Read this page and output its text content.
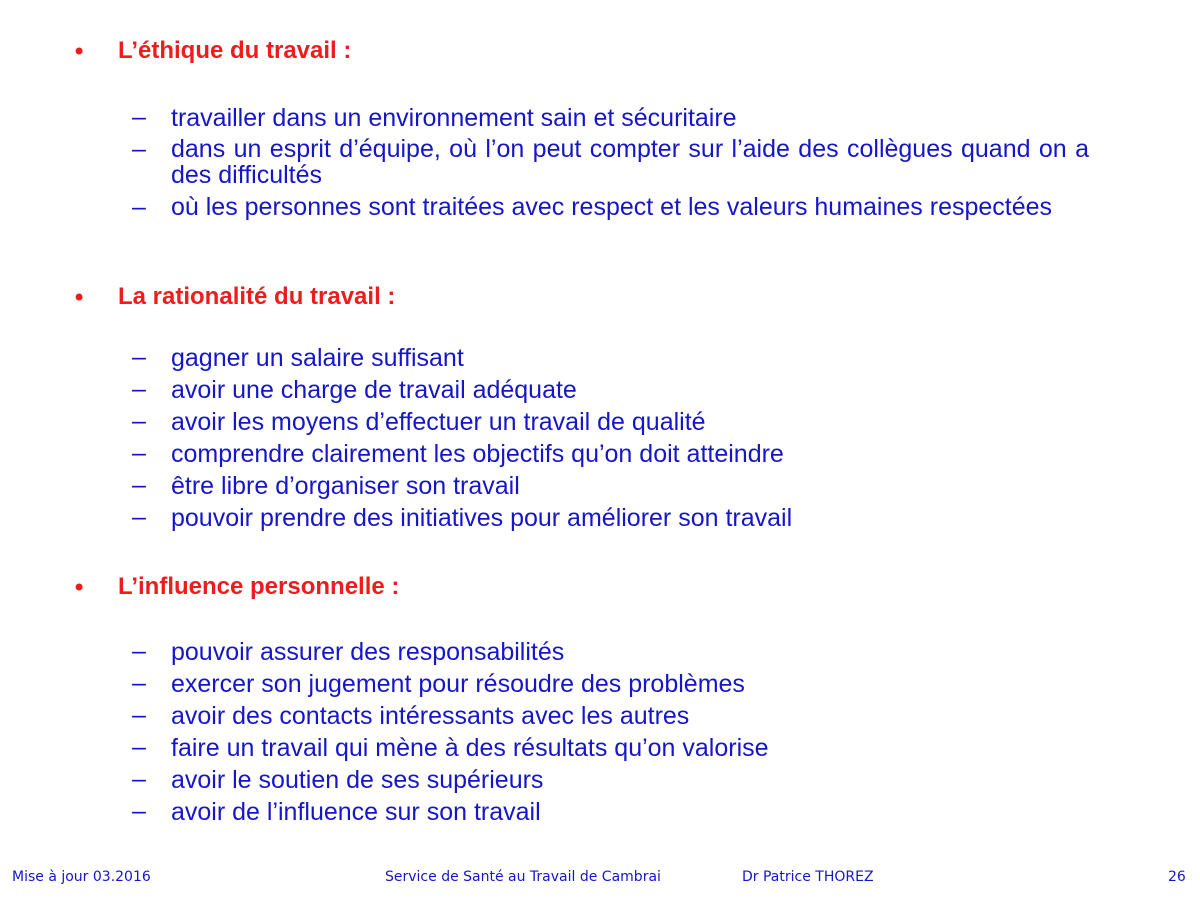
• L’éthique du travail :
– travailler dans un environnement sain et sécuritaire
– dans un esprit d’équipe, où l’on peut compter sur l’aide des collègues quand on a des difficultés
– où les personnes sont traitées avec respect et les valeurs humaines respectées
• La rationalité du travail :
– gagner un salaire suffisant
– avoir une charge de travail adéquate
– avoir les moyens d’effectuer un travail de qualité
– comprendre clairement les objectifs qu’on doit atteindre
– être libre d’organiser son travail
– pouvoir prendre des initiatives pour améliorer son travail
• L’influence personnelle :
– pouvoir assurer des responsabilités
– exercer son jugement pour résoudre des problèmes
– avoir des contacts intéressants avec les autres
– faire un travail qui mène à des résultats qu’on valorise
– avoir le soutien de ses supérieurs
– avoir de l’influence sur son travail
Mise à jour 03.2016	Service de Santé au Travail de Cambrai	Dr Patrice THOREZ	26
